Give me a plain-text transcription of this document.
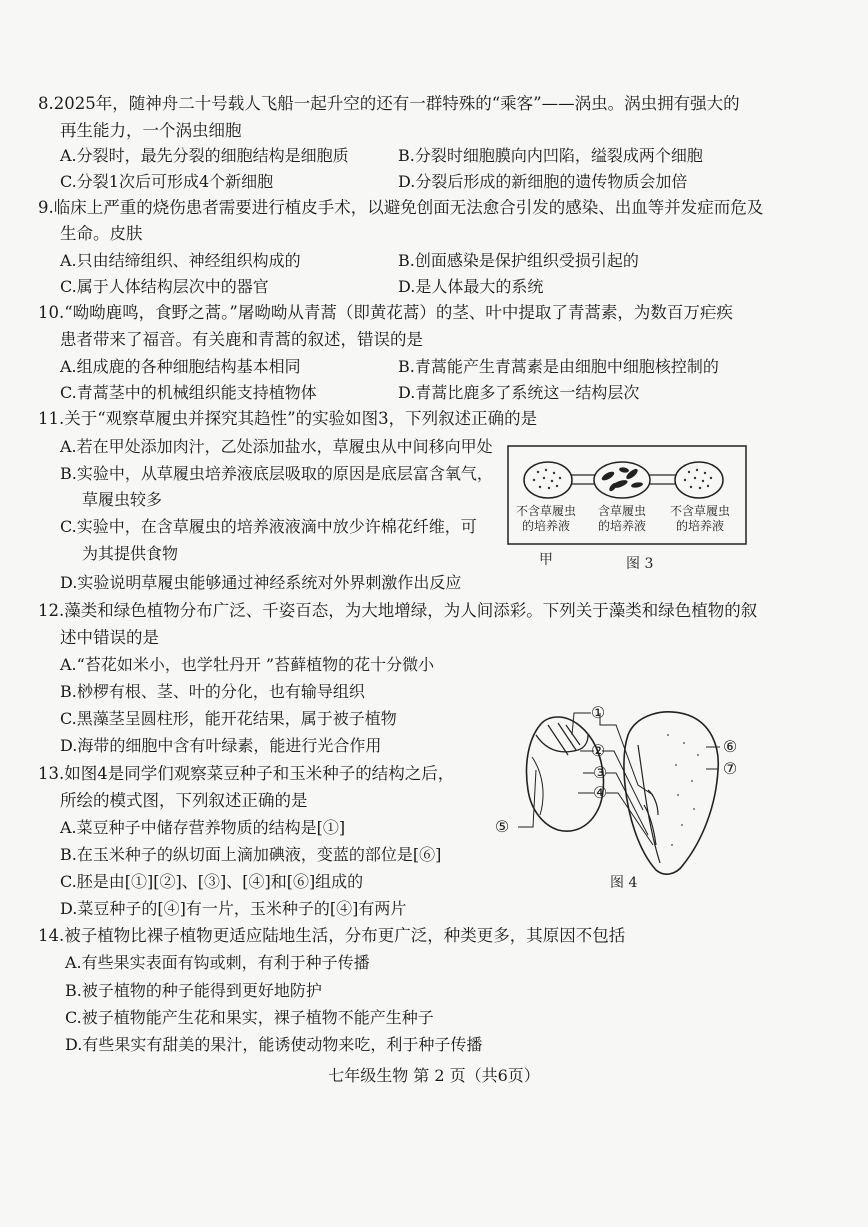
8.2025年，随神舟二十号载人飞船一起升空的还有一群特殊的“乘客”——涡虫。涡虫拥有强大的
再生能力，一个涡虫细胞
A.分裂时，最先分裂的细胞结构是细胞质	B.分裂时细胞膜向内凹陷，缢裂成两个细胞
C.分裂1次后可形成4个新细胞	D.分裂后形成的新细胞的遗传物质会加倍
9.临床上严重的烧伤患者需要进行植皮手术，以避免创面无法愈合引发的感染、出血等并发症而危及
生命。皮肤
A.只由结缔组织、神经组织构成的	B.创面感染是保护组织受损引起的
C.属于人体结构层次中的器官	D.是人体最大的系统
10.“呦呦鹿鸣，食野之蒿。”屠呦呦从青蒿（即黄花蒿）的茎、叶中提取了青蒿素，为数百万疟疾
患者带来了福音。有关鹿和青蒿的叙述，错误的是
A.组成鹿的各种细胞结构基本相同	B.青蒿能产生青蒿素是由细胞中细胞核控制的
C.青蒿茎中的机械组织能支持植物体	D.青蒿比鹿多了系统这一结构层次
11.关于“观察草履虫并探究其趋性”的实验如图3，下列叙述正确的是
A.若在甲处添加肉汁，乙处添加盐水，草履虫从中间移向甲处
B.实验中，从草履虫培养液底层吸取的原因是底层富含氧气，
草履虫较多
C.实验中，在含草履虫的培养液液滴中放少许棉花纤维，可
为其提供食物
D.实验说明草履虫能够通过神经系统对外界刺激作出反应
不含草履虫
的培养液
含草履虫
的培养液
不含草履虫
的培养液
甲	图 3
12.藻类和绿色植物分布广泛、千姿百态，为大地增绿，为人间添彩。下列关于藻类和绿色植物的叙
述中错误的是
A.“苔花如米小，也学牡丹开 ”苔藓植物的花十分微小
B.桫椤有根、茎、叶的分化，也有输导组织
C.黑藻茎呈圆柱形，能开花结果，属于被子植物
D.海带的细胞中含有叶绿素，能进行光合作用
13.如图4是同学们观察菜豆种子和玉米种子的结构之后，
所绘的模式图，下列叙述正确的是
A.菜豆种子中储存营养物质的结构是[①]
B.在玉米种子的纵切面上滴加碘液，变蓝的部位是[⑥]
C.胚是由[①][②]、[③]、[④]和[⑥]组成的
D.菜豆种子的[④]有一片，玉米种子的[④]有两片
①
②
③
④
⑤
⑥
⑦
图 4
14.被子植物比裸子植物更适应陆地生活，分布更广泛，种类更多，其原因不包括
A.有些果实表面有钩或刺，有利于种子传播
B.被子植物的种子能得到更好地防护
C.被子植物能产生花和果实，裸子植物不能产生种子
D.有些果实有甜美的果汁，能诱使动物来吃，利于种子传播
七年级生物 第 2 页（共6页）
